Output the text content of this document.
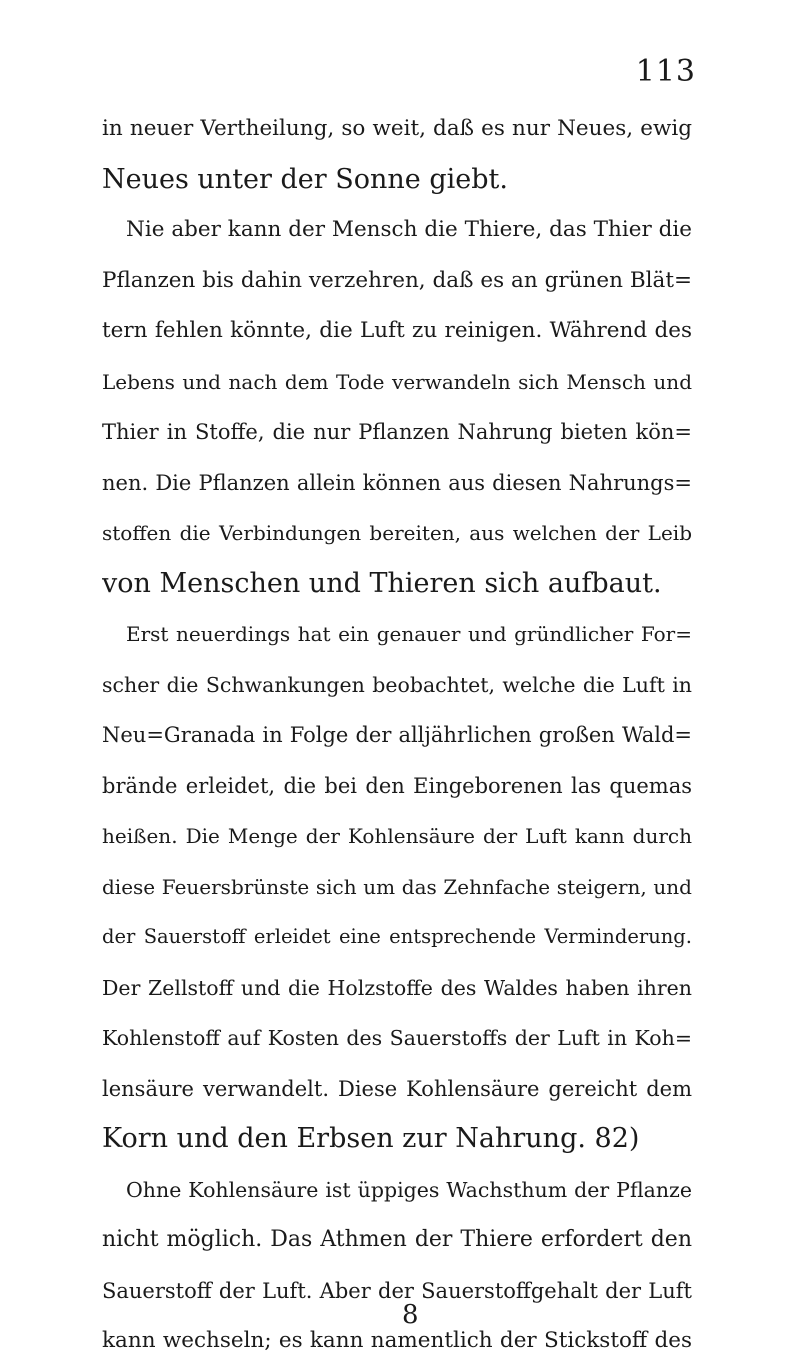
113
in neuer Vertheilung, so weit, daß es nur Neues, ewig
Neues unter der Sonne giebt.
Nie aber kann der Mensch die Thiere, das Thier die
Pflanzen bis dahin verzehren, daß es an grünen Blät=
tern fehlen könnte, die Luft zu reinigen. Während des
Lebens und nach dem Tode verwandeln sich Mensch und
Thier in Stoffe, die nur Pflanzen Nahrung bieten kön=
nen. Die Pflanzen allein können aus diesen Nahrungs=
stoffen die Verbindungen bereiten, aus welchen der Leib
von Menschen und Thieren sich aufbaut.
Erst neuerdings hat ein genauer und gründlicher For=
scher die Schwankungen beobachtet, welche die Luft in
Neu=Granada in Folge der alljährlichen großen Wald=
brände erleidet, die bei den Eingeborenen las quemas
heißen. Die Menge der Kohlensäure der Luft kann durch
diese Feuersbrünste sich um das Zehnfache steigern, und
der Sauerstoff erleidet eine entsprechende Verminderung.
Der Zellstoff und die Holzstoffe des Waldes haben ihren
Kohlenstoff auf Kosten des Sauerstoffs der Luft in Koh=
lensäure verwandelt. Diese Kohlensäure gereicht dem
Korn und den Erbsen zur Nahrung. 82)
Ohne Kohlensäure ist üppiges Wachsthum der Pflanze
nicht möglich. Das Athmen der Thiere erfordert den
Sauerstoff der Luft. Aber der Sauerstoffgehalt der Luft
kann wechseln; es kann namentlich der Stickstoff des
8
